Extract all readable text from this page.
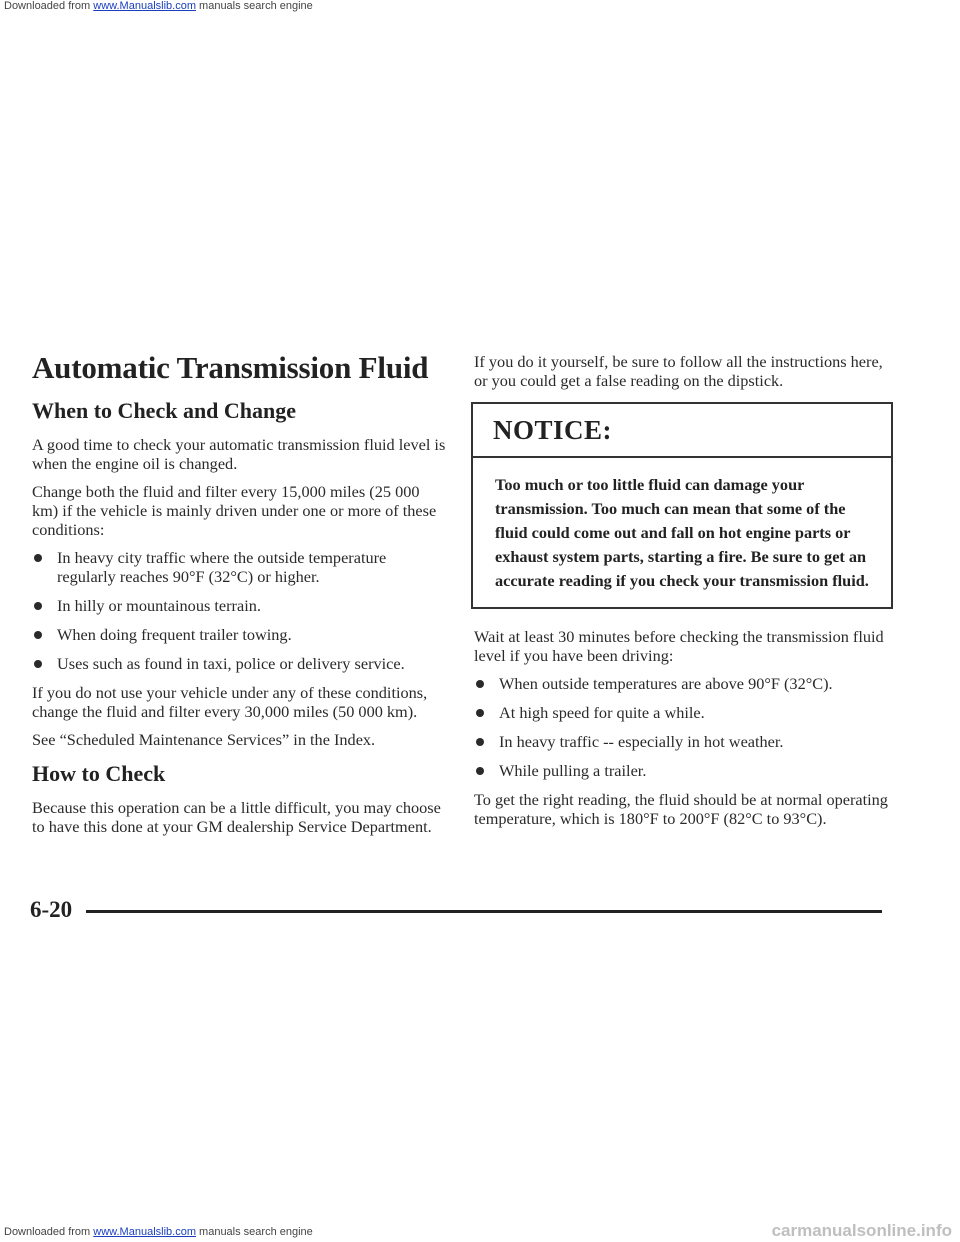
Downloaded from www.Manualslib.com manuals search engine
Automatic Transmission Fluid
When to Check and Change

A good time to check your automatic transmission fluid level is when the engine oil is changed.

Change both the fluid and filter every 15,000 miles (25 000 km) if the vehicle is mainly driven under one or more of these conditions:

In heavy city traffic where the outside temperature regularly reaches 90°F (32°C) or higher.
In hilly or mountainous terrain.
When doing frequent trailer towing.
Uses such as found in taxi, police or delivery service.

If you do not use your vehicle under any of these conditions, change the fluid and filter every 30,000 miles (50 000 km).

See “Scheduled Maintenance Services” in the Index.

How to Check

Because this operation can be a little difficult, you may choose to have this done at your GM dealership Service Department.

If you do it yourself, be sure to follow all the instructions here, or you could get a false reading on the dipstick.

NOTICE:
Too much or too little fluid can damage your transmission. Too much can mean that some of the fluid could come out and fall on hot engine parts or exhaust system parts, starting a fire. Be sure to get an accurate reading if you check your transmission fluid.

Wait at least 30 minutes before checking the transmission fluid level if you have been driving:

When outside temperatures are above 90°F (32°C).
At high speed for quite a while.
In heavy traffic -- especially in hot weather.
While pulling a trailer.

To get the right reading, the fluid should be at normal operating temperature, which is 180°F to 200°F (82°C to 93°C).

6-20
Downloaded from www.Manualslib.com manuals search engine	carmanualsonline.info
